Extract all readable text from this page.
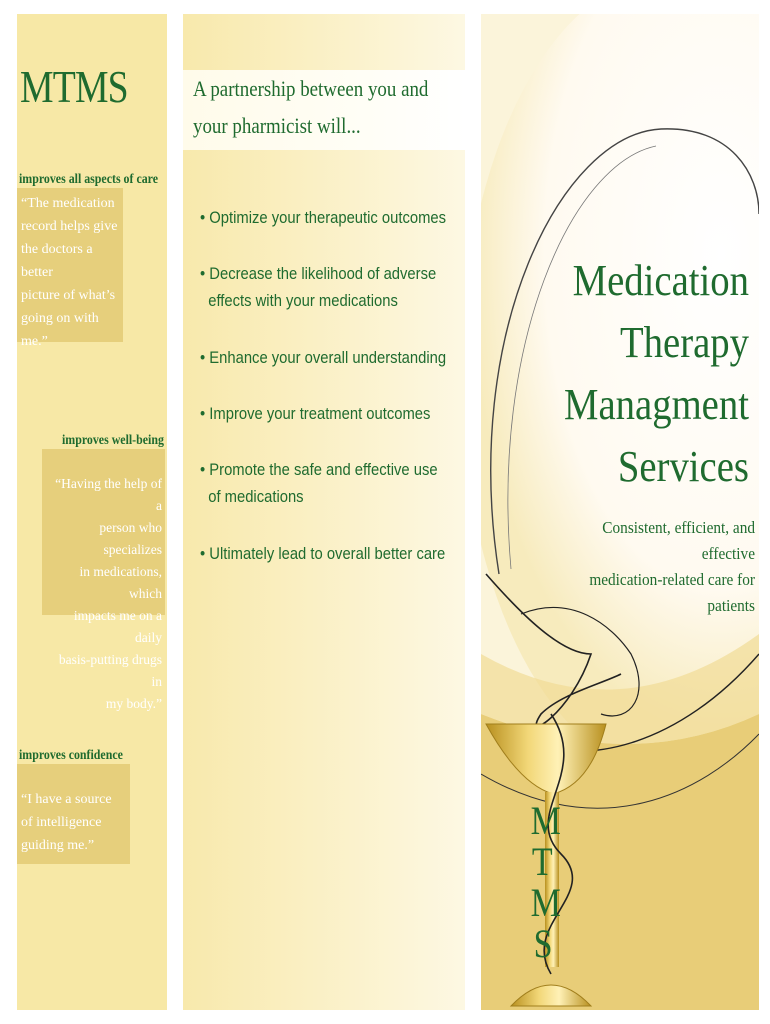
MTMS
improves all aspects of care
“The medication
record helps give
the doctors a better
picture of what’s
going on with me.”
improves well-being
“Having the help of a
person who specializes
in medications, which
impacts me on a daily
basis-putting drugs in
my body.”
improves confidence
“I have a source
of intelligence
guiding me.”
A partnership between you and
your pharmicist will...
• Optimize your therapeutic outcomes
• Decrease the likelihood of adverse
effects with your medications
• Enhance your overall understanding
• Improve your treatment outcomes
• Promote the safe and effective use
of medications
• Ultimately lead to overall better care
Medication
Therapy
Managment
Services
Consistent, efficient, and effective
medication-related care for patients
M
T
M
S
